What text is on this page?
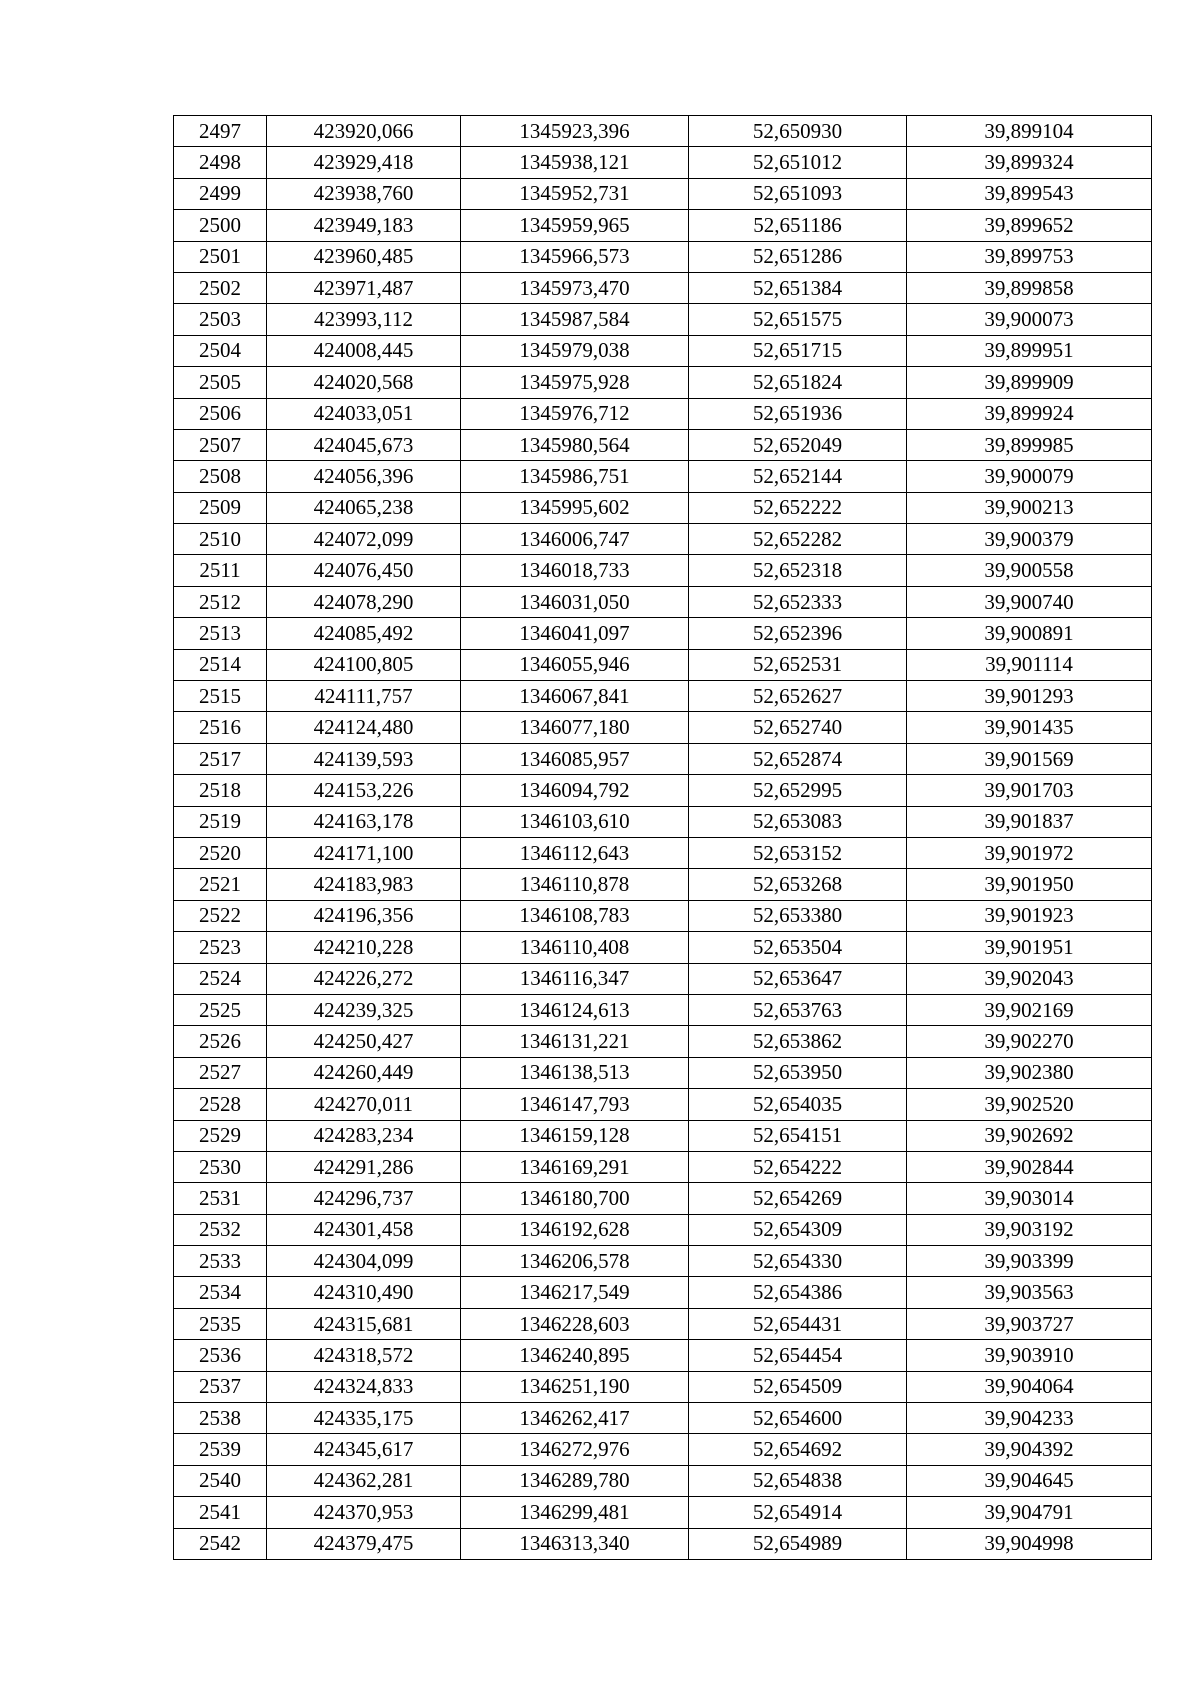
2497	423920,066	1345923,396	52,650930	39,899104
2498	423929,418	1345938,121	52,651012	39,899324
2499	423938,760	1345952,731	52,651093	39,899543
2500	423949,183	1345959,965	52,651186	39,899652
2501	423960,485	1345966,573	52,651286	39,899753
2502	423971,487	1345973,470	52,651384	39,899858
2503	423993,112	1345987,584	52,651575	39,900073
2504	424008,445	1345979,038	52,651715	39,899951
2505	424020,568	1345975,928	52,651824	39,899909
2506	424033,051	1345976,712	52,651936	39,899924
2507	424045,673	1345980,564	52,652049	39,899985
2508	424056,396	1345986,751	52,652144	39,900079
2509	424065,238	1345995,602	52,652222	39,900213
2510	424072,099	1346006,747	52,652282	39,900379
2511	424076,450	1346018,733	52,652318	39,900558
2512	424078,290	1346031,050	52,652333	39,900740
2513	424085,492	1346041,097	52,652396	39,900891
2514	424100,805	1346055,946	52,652531	39,901114
2515	424111,757	1346067,841	52,652627	39,901293
2516	424124,480	1346077,180	52,652740	39,901435
2517	424139,593	1346085,957	52,652874	39,901569
2518	424153,226	1346094,792	52,652995	39,901703
2519	424163,178	1346103,610	52,653083	39,901837
2520	424171,100	1346112,643	52,653152	39,901972
2521	424183,983	1346110,878	52,653268	39,901950
2522	424196,356	1346108,783	52,653380	39,901923
2523	424210,228	1346110,408	52,653504	39,901951
2524	424226,272	1346116,347	52,653647	39,902043
2525	424239,325	1346124,613	52,653763	39,902169
2526	424250,427	1346131,221	52,653862	39,902270
2527	424260,449	1346138,513	52,653950	39,902380
2528	424270,011	1346147,793	52,654035	39,902520
2529	424283,234	1346159,128	52,654151	39,902692
2530	424291,286	1346169,291	52,654222	39,902844
2531	424296,737	1346180,700	52,654269	39,903014
2532	424301,458	1346192,628	52,654309	39,903192
2533	424304,099	1346206,578	52,654330	39,903399
2534	424310,490	1346217,549	52,654386	39,903563
2535	424315,681	1346228,603	52,654431	39,903727
2536	424318,572	1346240,895	52,654454	39,903910
2537	424324,833	1346251,190	52,654509	39,904064
2538	424335,175	1346262,417	52,654600	39,904233
2539	424345,617	1346272,976	52,654692	39,904392
2540	424362,281	1346289,780	52,654838	39,904645
2541	424370,953	1346299,481	52,654914	39,904791
2542	424379,475	1346313,340	52,654989	39,904998
